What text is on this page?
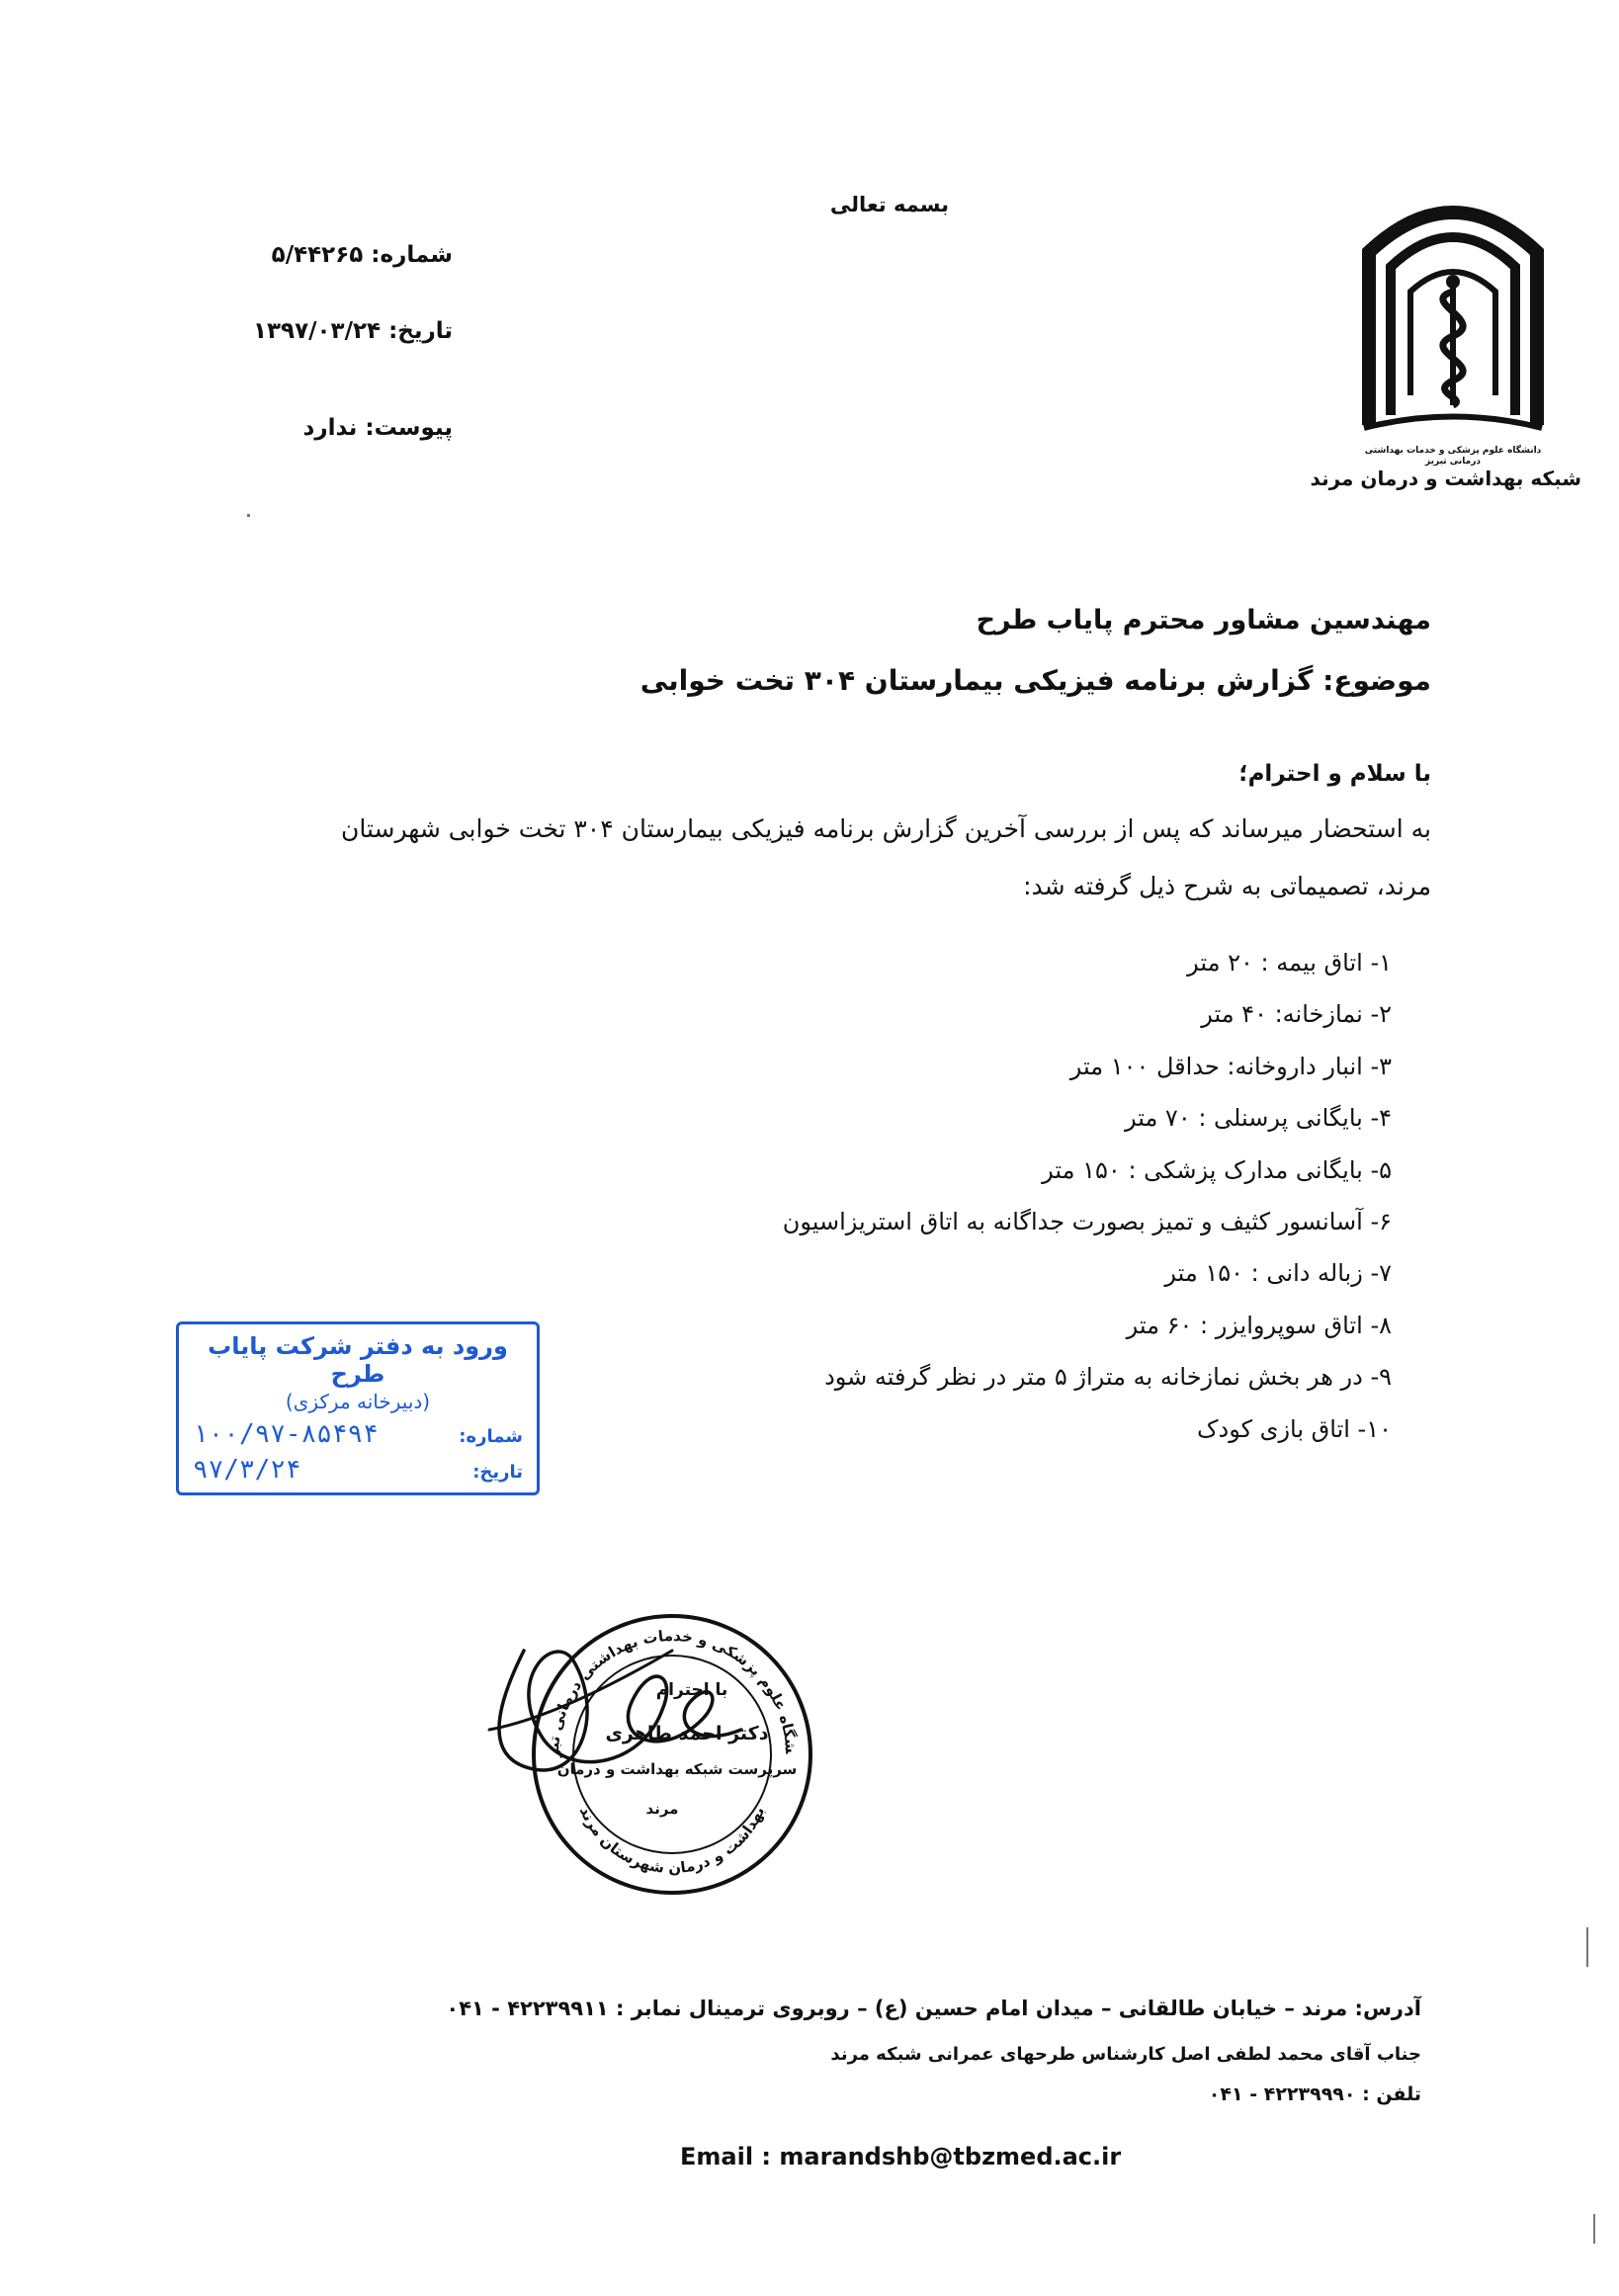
دانشگاه علوم پزشکی و خدمات بهداشتی درمانی تبریز
شبکه بهداشت و درمان مرند
بسمه تعالی
شماره: ۵/۴۴۲۶۵
تاریخ: ۱۳۹۷/۰۳/۲۴
پیوست: ندارد
مهندسین مشاور محترم پایاب طرح
موضوع: گزارش برنامه فیزیکی بیمارستان ۳۰۴ تخت خوابی
با سلام و احترام؛
به استحضار میرساند که پس از بررسی آخرین گزارش برنامه فیزیکی بیمارستان ۳۰۴ تخت خوابی شهرستان مرند، تصمیماتی به شرح ذیل گرفته شد:
۱- اتاق بیمه : ۲۰ متر
۲- نمازخانه: ۴۰ متر
۳- انبار داروخانه: حداقل ۱۰۰ متر
۴- بایگانی پرسنلی : ۷۰ متر
۵- بایگانی مدارک پزشکی : ۱۵۰ متر
۶- آسانسور کثیف و تمیز بصورت جداگانه به اتاق استریزاسیون
۷- زباله دانی : ۱۵۰ متر
۸- اتاق سوپروایزر : ۶۰ متر
۹- در هر بخش نمازخانه به متراژ ۵ متر در نظر گرفته شود
۱۰- اتاق بازی کودک
ورود به دفتر شرکت پایاب طرح
(دبیرخانه مرکزی)
شماره:
۱۰۰/۹۷-۸۵۴۹۴
تاریخ:
۹۷/۳/۲۴
شگاه علوم پزشکی و خدمات بهداشتی درمانی تبر
بهداشت و درمان شهرستان مرند
با احترام
دکتر احمد طاهری
سرپرست شبکه بهداشت و درمان
مرند
آدرس: مرند – خیابان طالقانی – میدان امام حسین (ع) – روبروی ترمینال نمابر : ۴۲۲۳۹۹۱۱ - ۰۴۱
جناب آقای محمد لطفی اصل کارشناس طرحهای عمرانی شبکه مرند
تلفن : ۴۲۲۳۹۹۹۰ - ۰۴۱
Email : marandshb@tbzmed.ac.ir
